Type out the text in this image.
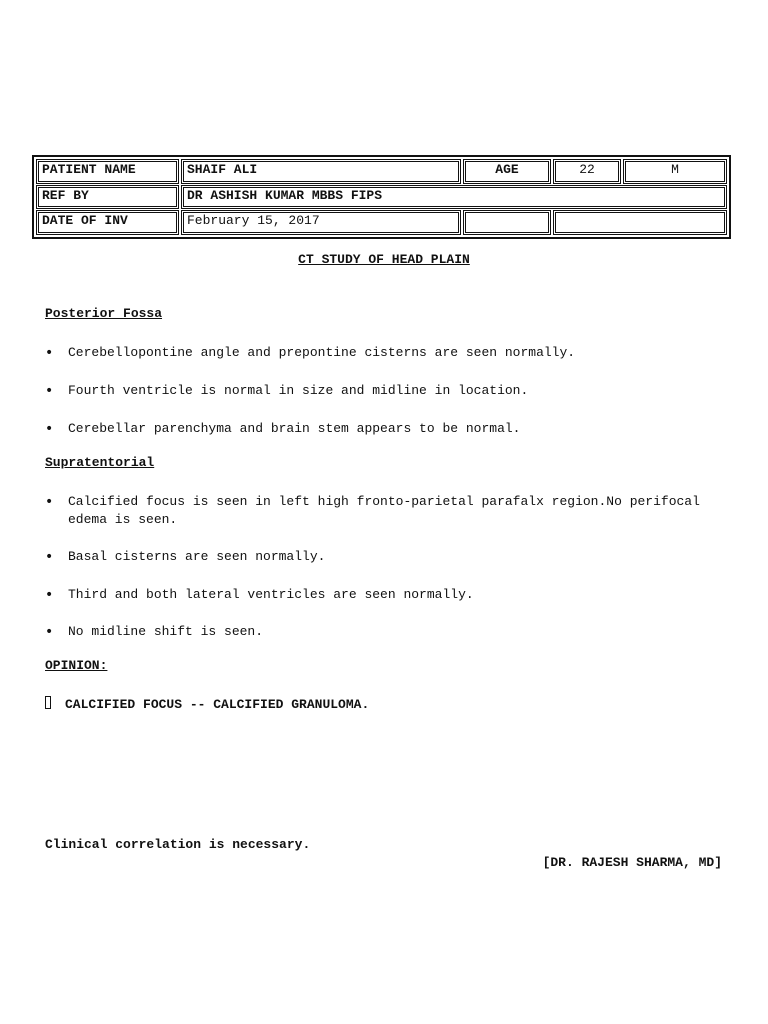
PATIENT NAME	SHAIF ALI	AGE	22	M
REF BY	DR ASHISH KUMAR MBBS FIPS
DATE OF INV	February 15, 2017
CT STUDY OF HEAD PLAIN
Posterior Fossa
• Cerebellopontine angle and prepontine cisterns are seen normally.
• Fourth ventricle is normal in size and midline in location.
• Cerebellar parenchyma and brain stem appears to be normal.
Supratentorial
• Calcified focus is seen in left high fronto-parietal parafalx region.No perifocal edema is seen.
• Basal cisterns are seen normally.
• Third and both lateral ventricles are seen normally.
• No midline shift is seen.
OPINION:
CALCIFIED FOCUS -- CALCIFIED GRANULOMA.
Clinical correlation is necessary.
[DR. RAJESH SHARMA, MD]
